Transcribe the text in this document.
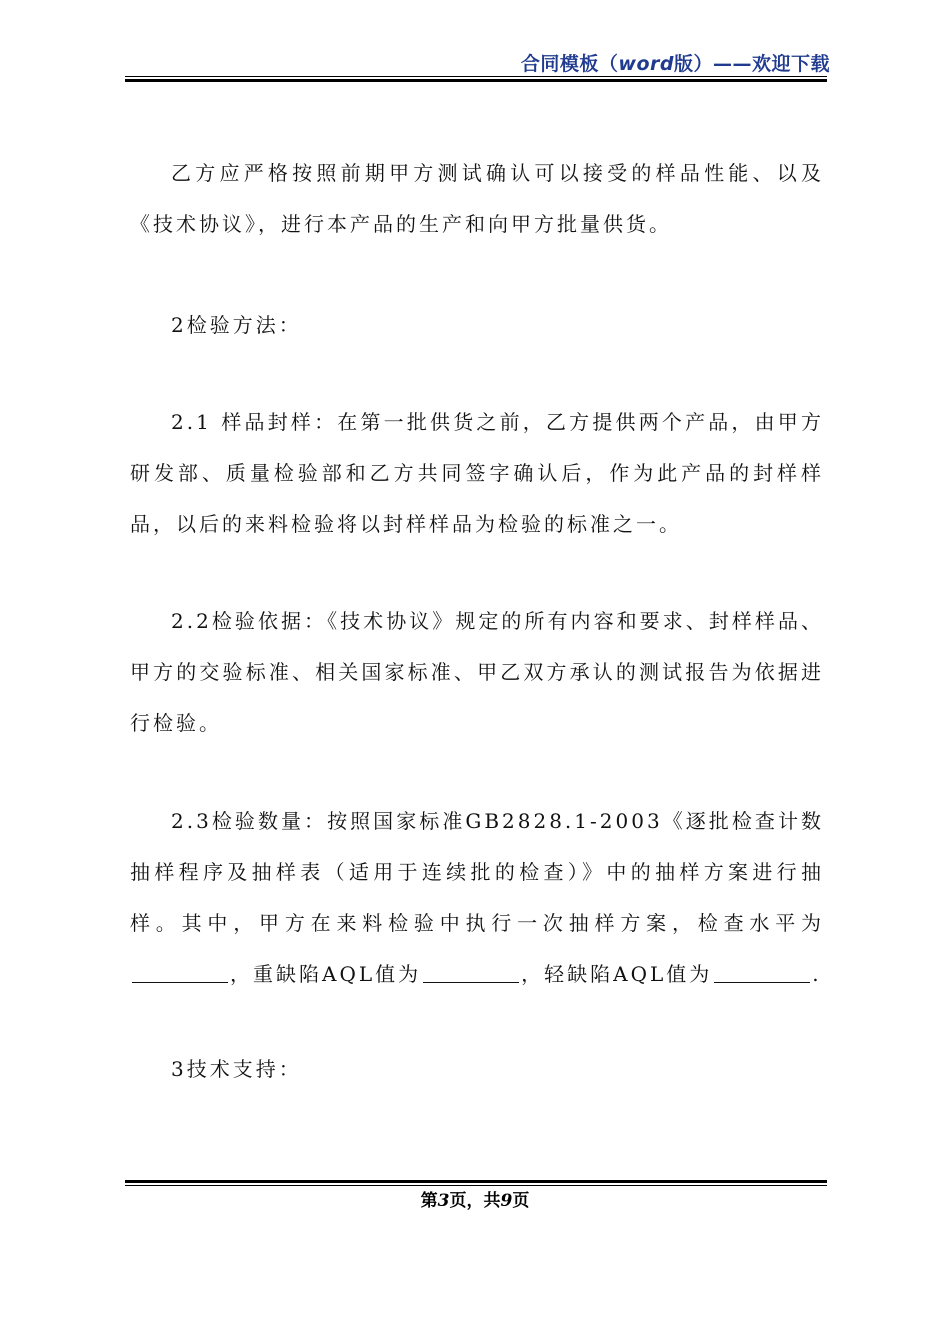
合同模板（word版）——欢迎下载

乙方应严格按照前期甲方测试确认可以接受的样品性能、以及《技术协议》，进行本产品的生产和向甲方批量供货。

2检验方法：

2.1 样品封样：在第一批供货之前，乙方提供两个产品，由甲方研发部、质量检验部和乙方共同签字确认后，作为此产品的封样样品，以后的来料检验将以封样样品为检验的标准之一。

2.2检验依据：《技术协议》规定的所有内容和要求、封样样品、甲方的交验标准、相关国家标准、甲乙双方承认的测试报告为依据进行检验。

2.3检验数量：按照国家标准GB2828.1-2003《逐批检查计数抽样程序及抽样表（适用于连续批的检查）》中的抽样方案进行抽样。其中，甲方在来料检验中执行一次抽样方案，检查水平为，重缺陷AQL值为	，轻缺陷AQL值为	.

3技术支持：

第3页，共9页
